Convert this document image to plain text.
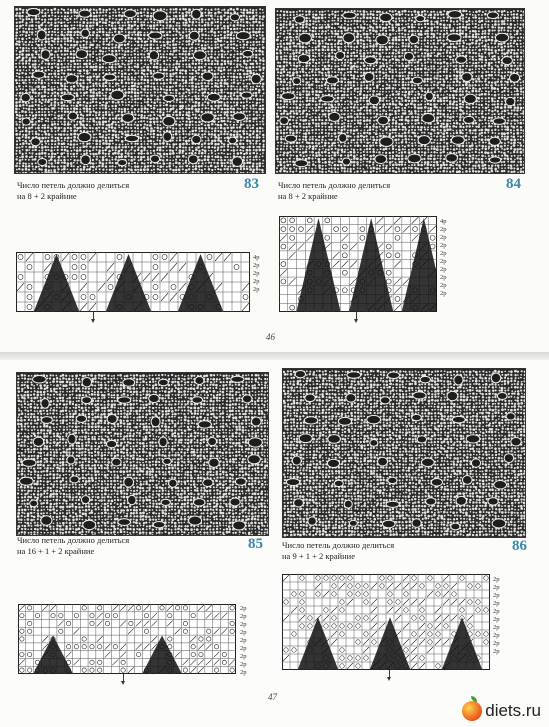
Число петель должно делиться
на 8 + 2 крайние
83 Число петель должно делиться
на 8 + 2 крайние
84
4р
2р
2р
2р
2р
4р
2р
2р
2р
2р
2р
2р
2р
2р
2р
46
Число петель должно делиться
на 16 + 1 + 2 крайние	85 Число петель должно делиться
на 9 + 1 + 2 крайние
86
2р
2р
2р
2р
2р
2р
2р
2р
2р
2р
2р
2р
2р
2р
2р
2р
2р
2р
2р
47
diets.ru
